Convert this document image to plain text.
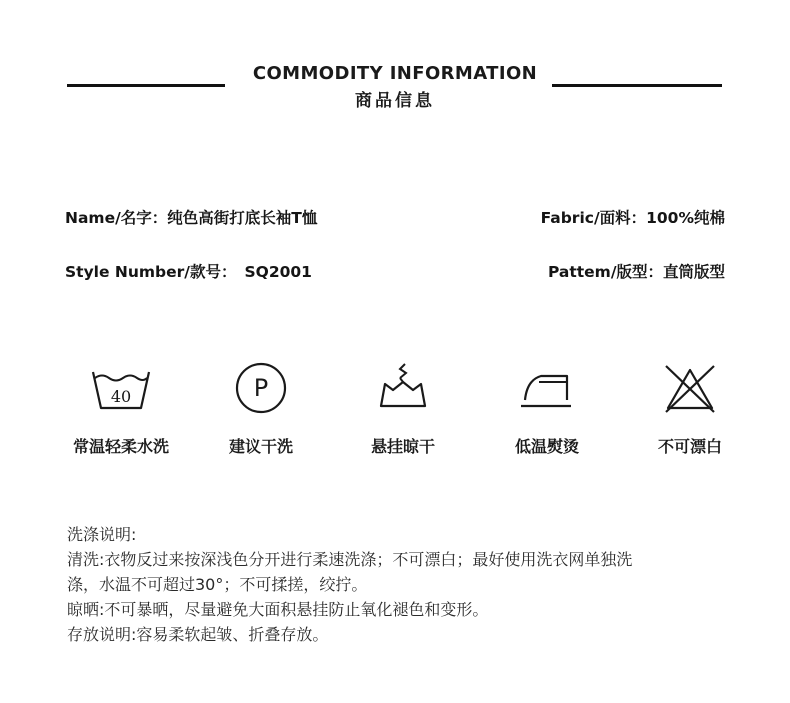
COMMODITY INFORMATION
商品信息
Name/名字：纯色高街打底长袖T恤	Fabric/面料：100%纯棉
Style Number/款号： SQ2001	Pattem/版型：直筒版型
40
常温轻柔水洗
P
建议干洗	悬挂晾干	低温熨烫	不可漂白
洗涤说明:
清洗:衣物反过来按深浅色分开进行柔速洗涤；不可漂白；最好使用洗衣网单独洗
涤，水温不可超过30°；不可揉搓，绞拧。
晾晒:不可暴晒，尽量避免大面积悬挂防止氧化褪色和变形。
存放说明:容易柔软起皱、折叠存放。
